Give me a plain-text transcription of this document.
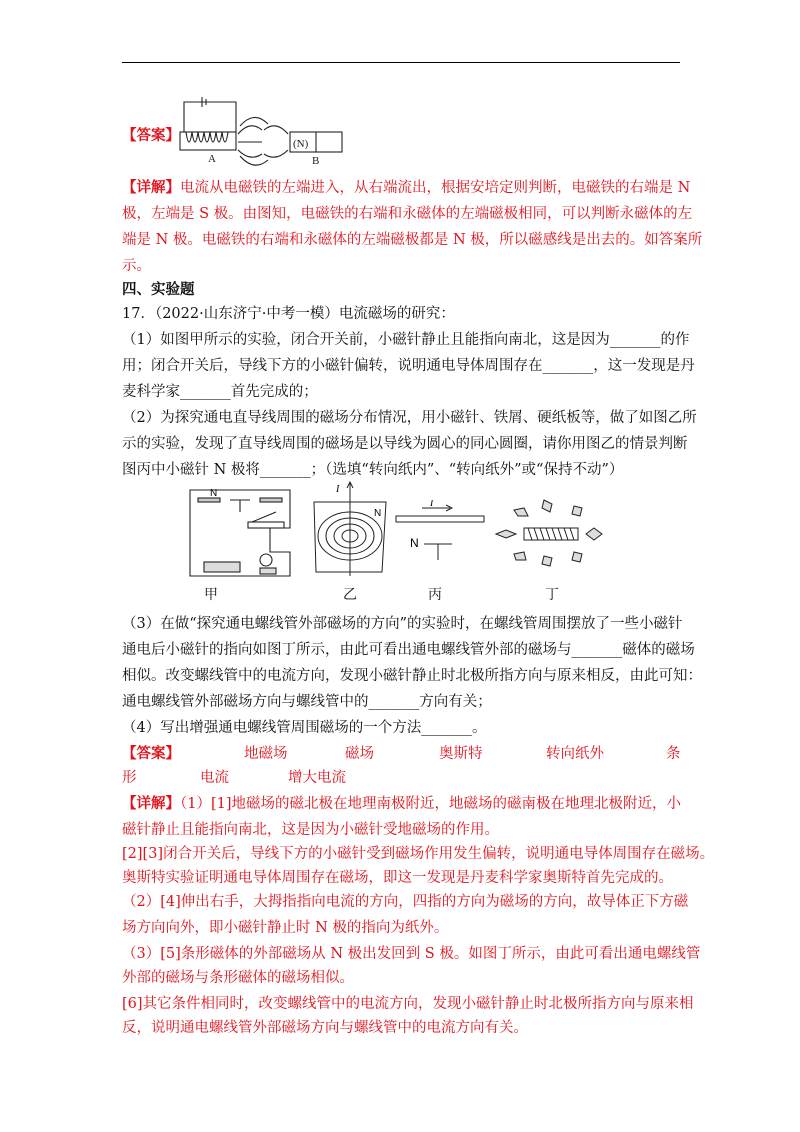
【答案】
A
(N)
B
【详解】电流从电磁铁的左端进入，从右端流出，根据安培定则判断，电磁铁的右端是 N
极，左端是 S 极。由图知，电磁铁的右端和永磁体的左端磁极相同，可以判断永磁体的左
端是 N 极。电磁铁的右端和永磁体的左端磁极都是 N 极，所以磁感线是出去的。如答案所
示。
四、实验题
17．（2022·山东济宁·中考一模）电流磁场的研究：
（1）如图甲所示的实验，闭合开关前，小磁针静止且能指向南北，这是因为_______的作
用；闭合开关后，导线下方的小磁针偏转，说明通电导体周围存在_______，这一发现是丹
麦科学家_______首先完成的；
（2）为探究通电直导线周围的磁场分布情况，用小磁针、铁屑、硬纸板等，做了如图乙所
示的实验，发现了直导线周围的磁场是以导线为圆心的同心圆圈，请你用图乙的情景判断
图丙中小磁针 N 极将_______；（选填“转向纸内”、“转向纸外”或“保持不动”）
N
甲
I
N
乙
I
N
丙	丁
（3）在做“探究通电螺线管外部磁场的方向”的实验时，在螺线管周围摆放了一些小磁针
通电后小磁针的指向如图丁所示，由此可看出通电螺线管外部的磁场与_______磁体的磁场
相似。改变螺线管中的电流方向，发现小磁针静止时北极所指方向与原来相反，由此可知：
通电螺线管外部磁场方向与螺线管中的_______方向有关；
（4）写出增强通电螺线管周围磁场的一个方法_______。
【答案】	地磁场	磁场	奥斯特	转向纸外	条
形	电流	增大电流
【详解】（1）[1]地磁场的磁北极在地理南极附近，地磁场的磁南极在地理北极附近，小
磁针静止且能指向南北，这是因为小磁针受地磁场的作用。
[2][3]闭合开关后，导线下方的小磁针受到磁场作用发生偏转，说明通电导体周围存在磁场。
奥斯特实验证明通电导体周围存在磁场，即这一发现是丹麦科学家奥斯特首先完成的。
（2）[4]伸出右手，大拇指指向电流的方向，四指的方向为磁场的方向，故导体正下方磁
场方向向外，即小磁针静止时 N 极的指向为纸外。
（3）[5]条形磁体的外部磁场从 N 极出发回到 S 极。如图丁所示，由此可看出通电螺线管
外部的磁场与条形磁体的磁场相似。
[6]其它条件相同时，改变螺线管中的电流方向，发现小磁针静止时北极所指方向与原来相
反，说明通电螺线管外部磁场方向与螺线管中的电流方向有关。
